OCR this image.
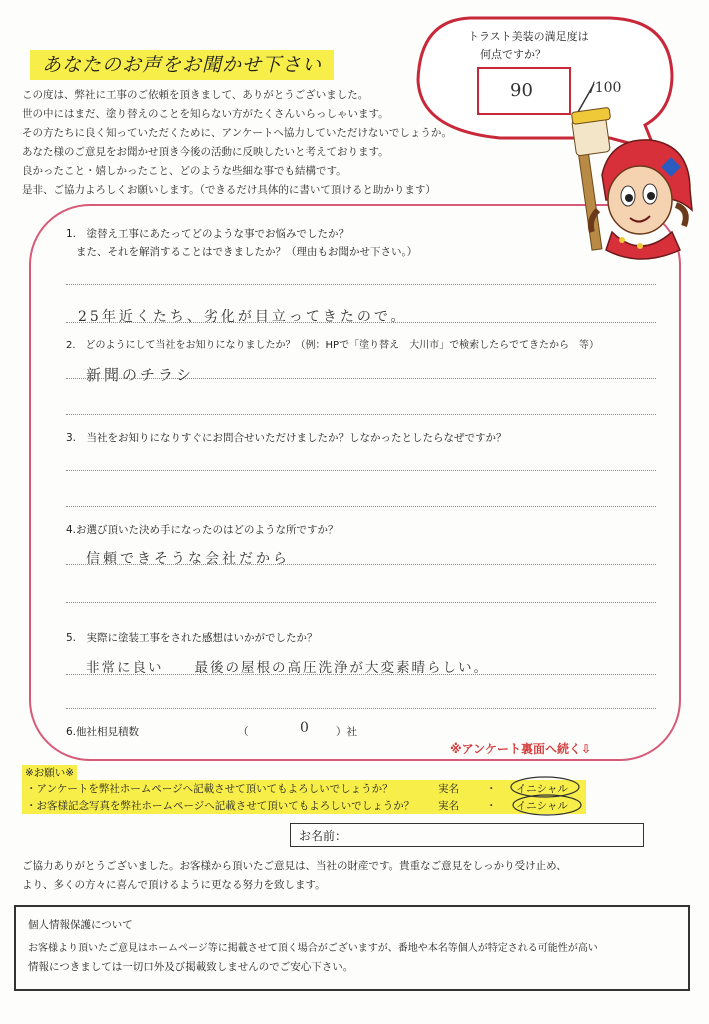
あなたのお声をお聞かせ下さい
この度は、弊社に工事のご依頼を頂きまして、ありがとうございました。
世の中にはまだ、塗り替えのことを知らない方がたくさんいらっしゃいます。
その方たちに良く知っていただくために、アンケートへ協力していただけないでしょうか。
あなた様のご意見をお聞かせ頂き今後の活動に反映したいと考えております。
良かったこと・嬉しかったこと、どのような些細な事でも結構です。
是非、ご協力よろしくお願いします。（できるだけ具体的に書いて頂けると助かります）
トラスト美装の満足度は
何点ですか？
90	/100
1.　塗替え工事にあたってどのような事でお悩みでしたか？
また、それを解消することはできましたか？（理由もお聞かせ下さい。）
25年近くたち、劣化が目立ってきたので。
2.　どのようにして当社をお知りになりましたか？（例：HPで「塗り替え　大川市」で検索したらでてきたから　等）
新聞のチラシ
3.　当社をお知りになりすぐにお問合せいただけましたか？しなかったとしたらなぜですか？
4.お選び頂いた決め手になったのはどのような所ですか？
信頼できそうな会社だから
5.　実際に塗装工事をされた感想はいかがでしたか？
非常に良い　　最後の屋根の高圧洗浄が大変素晴らしい。
6.他社相見積数	（	0 ）社
※アンケート裏面へ続く⇩
※お願い※
・アンケートを弊社ホームページへ記載させて頂いてもよろしいでしょうか？	実名	・ イニシャル
・お客様記念写真を弊社ホームページへ記載させて頂いてもよろしいでしょうか？ 実名	・ イニシャル
お名前：
ご協力ありがとうございました。お客様から頂いたご意見は、当社の財産です。貴重なご意見をしっかり受け止め、
より、多くの方々に喜んで頂けるように更なる努力を致します。
個人情報保護について
お客様より頂いたご意見はホームページ等に掲載させて頂く場合がございますが、番地や本名等個人が特定される可能性が高い
情報につきましては一切口外及び掲載致しませんのでご安心下さい。
